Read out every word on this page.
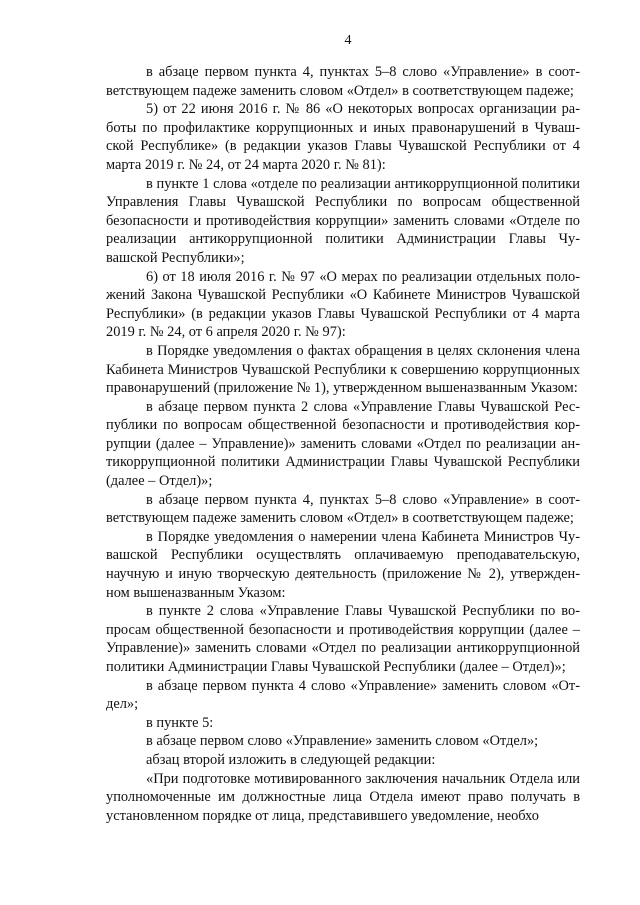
4

в абзаце первом пункта 4, пунктах 5–8 слово «Управление» в соответствующем падеже заменить словом «Отдел» в соответствующем падеже;

5) от 22 июня 2016 г. № 86 «О некоторых вопросах организации работы по профилактике коррупционных и иных правонарушений в Чувашской Республике» (в редакции указов Главы Чувашской Республики от 4 марта 2019 г. № 24, от 24 марта 2020 г. № 81):

в пункте 1 слова «отделе по реализации антикоррупционной политики Управления Главы Чувашской Республики по вопросам общественной безопасности и противодействия коррупции» заменить словами «Отделе по реализации антикоррупционной политики Администрации Главы Чувашской Республики»;

6) от 18 июля 2016 г. № 97 «О мерах по реализации отдельных положений Закона Чувашской Республики «О Кабинете Министров Чувашской Республики» (в редакции указов Главы Чувашской Республики от 4 марта 2019 г. № 24, от 6 апреля 2020 г. № 97):

в Порядке уведомления о фактах обращения в целях склонения члена Кабинета Министров Чувашской Республики к совершению коррупционных правонарушений (приложение № 1), утвержденном вышеназванным Указом:

в абзаце первом пункта 2 слова «Управление Главы Чувашской Республики по вопросам общественной безопасности и противодействия коррупции (далее – Управление)» заменить словами «Отдел по реализации антикоррупционной политики Администрации Главы Чувашской Республики (далее – Отдел)»;

в абзаце первом пункта 4, пунктах 5–8 слово «Управление» в соответствующем падеже заменить словом «Отдел» в соответствующем падеже;

в Порядке уведомления о намерении члена Кабинета Министров Чувашской Республики осуществлять оплачиваемую преподавательскую, научную и иную творческую деятельность (приложение № 2), утвержденном вышеназванным Указом:

в пункте 2 слова «Управление Главы Чувашской Республики по вопросам общественной безопасности и противодействия коррупции (далее – Управление)» заменить словами «Отдел по реализации антикоррупционной политики Администрации Главы Чувашской Республики (далее – Отдел)»;

в абзаце первом пункта 4 слово «Управление» заменить словом «Отдел»;

в пункте 5:

в абзаце первом слово «Управление» заменить словом «Отдел»;

абзац второй изложить в следующей редакции:

«При подготовке мотивированного заключения начальник Отдела или уполномоченные им должностные лица Отдела имеют право получать в установленном порядке от лица, представившего уведомление, необхо
